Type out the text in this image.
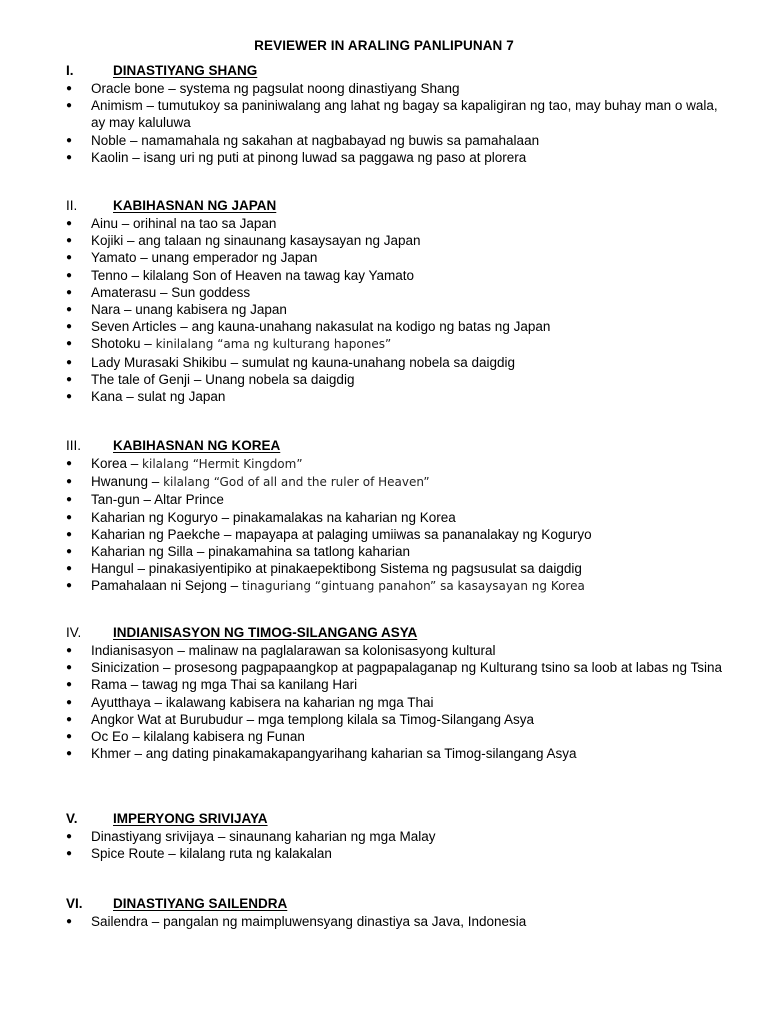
REVIEWER IN ARALING PANLIPUNAN 7
I.	DINASTIYANG SHANG
● Oracle bone – systema ng pagsulat noong dinastiyang Shang
● Animism – tumutukoy sa paniniwalang ang lahat ng bagay sa kapaligiran ng tao, may buhay man o wala, ay may kaluluwa
● Noble – namamahala ng sakahan at nagbabayad ng buwis sa pamahalaan
● Kaolin – isang uri ng puti at pinong luwad sa paggawa ng paso at plorera
II.	KABIHASNAN NG JAPAN
● Ainu – orihinal na tao sa Japan
● Kojiki – ang talaan ng sinaunang kasaysayan ng Japan
● Yamato – unang emperador ng Japan
● Tenno – kilalang Son of Heaven na tawag kay Yamato
● Amaterasu – Sun goddess
● Nara – unang kabisera ng Japan
● Seven Articles – ang kauna-unahang nakasulat na kodigo ng batas ng Japan
● Shotoku – kinilalang “ama ng kulturang hapones”
● Lady Murasaki Shikibu – sumulat ng kauna-unahang nobela sa daigdig
● The tale of Genji – Unang nobela sa daigdig
● Kana – sulat ng Japan
III. KABIHASNAN NG KOREA
● Korea – kilalang “Hermit Kingdom”
● Hwanung – kilalang “God of all and the ruler of Heaven”
● Tan-gun – Altar Prince
● Kaharian ng Koguryo – pinakamalakas na kaharian ng Korea
● Kaharian ng Paekche – mapayapa at palaging umiiwas sa pananalakay ng Koguryo
● Kaharian ng Silla – pinakamahina sa tatlong kaharian
● Hangul – pinakasiyentipiko at pinakaepektibong Sistema ng pagsusulat sa daigdig
● Pamahalaan ni Sejong – tinaguriang “gintuang panahon” sa kasaysayan ng Korea
IV. INDIANISASYON NG TIMOG-SILANGANG ASYA
● Indianisasyon – malinaw na paglalarawan sa kolonisasyong kultural
● Sinicization – prosesong pagpapaangkop at pagpapalaganap ng Kulturang tsino sa loob at labas ng Tsina
● Rama – tawag ng mga Thai sa kanilang Hari
● Ayutthaya – ikalawang kabisera na kaharian ng mga Thai
● Angkor Wat at Burubudur – mga templong kilala sa Timog-Silangang Asya
● Oc Eo – kilalang kabisera ng Funan
● Khmer – ang dating pinakamakapangyarihang kaharian sa Timog-silangang Asya
V.	IMPERYONG SRIVIJAYA
● Dinastiyang srivijaya – sinaunang kaharian ng mga Malay
● Spice Route – kilalang ruta ng kalakalan
VI. DINASTIYANG SAILENDRA
● Sailendra – pangalan ng maimpluwensyang dinastiya sa Java, Indonesia
